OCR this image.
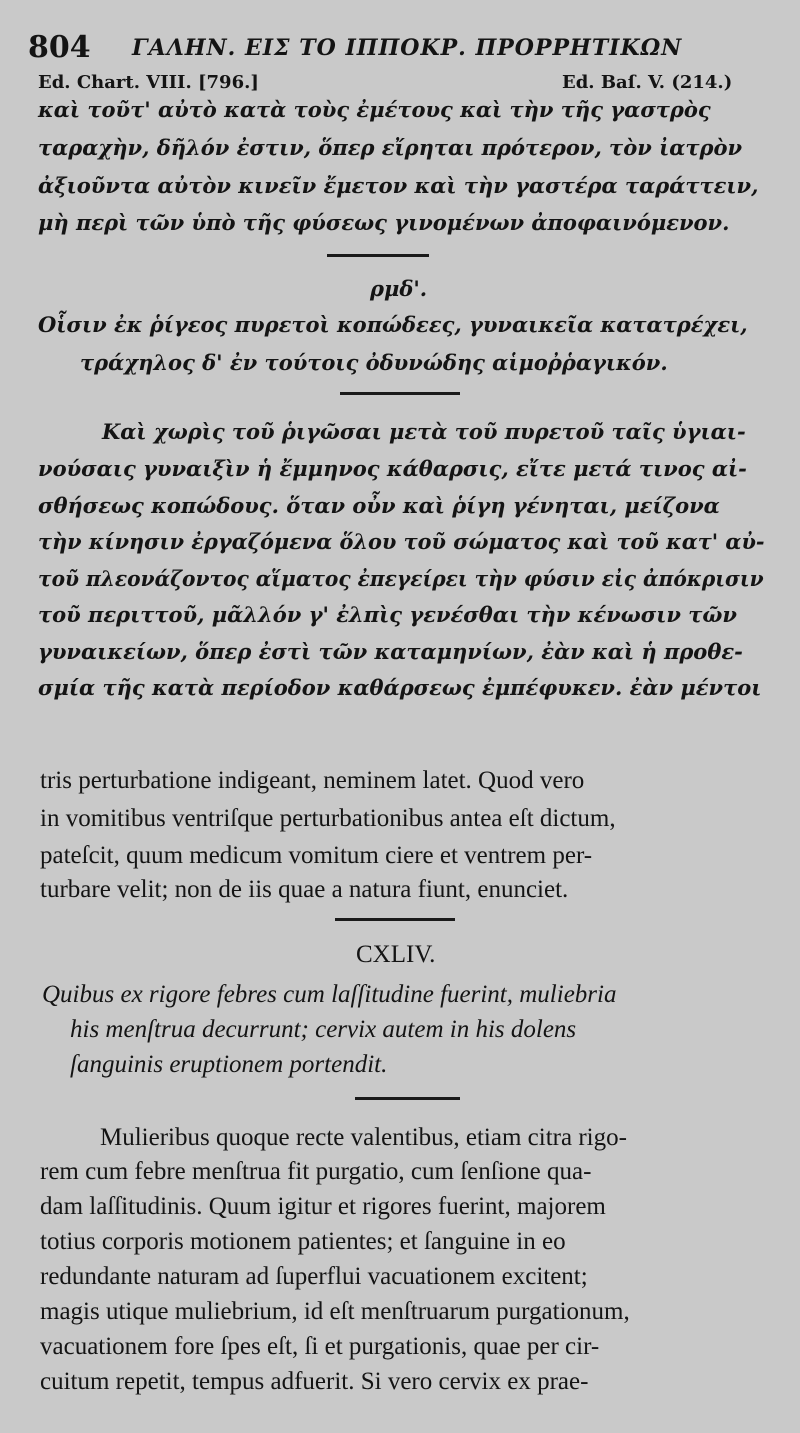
804 ΓΑΛΗΝ. ΕΙΣ ΤΟ ΙΠΠΟΚΡ. ΠΡΟΡΡΗΤΙΚΩΝ
Ed. Chart. VIII. [796.]	Ed. Baſ. V. (214.)
καὶ τοῦτ' αὐτὸ κατὰ τοὺς ἐμέτους καὶ τὴν τῆς γαστρὸς
ταραχὴν, δῆλόν ἐστιν, ὅπερ εἴρηται πρότερον, τὸν ἰατρὸν
ἀξιοῦντα αὐτὸν κινεῖν ἔμετον καὶ τὴν γαστέρα ταράττειν,
μὴ περὶ τῶν ὑπὸ τῆς φύσεως γινομένων ἀποφαινόμενον.
ρμδ'.
Οἷσιν ἐκ ῥίγεος πυρετοὶ κοπώδεες, γυναικεῖα κατατρέχει,
τράχηλος δ' ἐν τούτοις ὀδυνώδης αἱμοῤῥαγικόν.
Καὶ χωρὶς τοῦ ῥιγῶσαι μετὰ τοῦ πυρετοῦ ταῖς ὑγιαι-
νούσαις γυναιξὶν ἡ ἔμμηνος κάθαρσις, εἴτε μετά τινος αἰ-
σθήσεως κοπώδους. ὅταν οὖν καὶ ῥίγη γένηται, μείζονα
τὴν κίνησιν ἐργαζόμενα ὅλου τοῦ σώματος καὶ τοῦ κατ' αὐ-
τοῦ πλεονάζοντος αἵματος ἐπεγείρει τὴν φύσιν εἰς ἀπόκρισιν
τοῦ περιττοῦ, μᾶλλόν γ' ἐλπὶς γενέσθαι τὴν κένωσιν τῶν
γυναικείων, ὅπερ ἐστὶ τῶν καταμηνίων, ἐὰν καὶ ἡ προθε-
σμία τῆς κατὰ περίοδον καθάρσεως ἐμπέφυκεν. ἐὰν μέντοι
tris perturbatione indigeant, neminem latet. Quod vero
in vomitibus ventriſque perturbationibus antea eſt dictum,
pateſcit, quum medicum vomitum ciere et ventrem per-
turbare velit; non de iis quae a natura fiunt, enunciet.
CXLIV.
Quibus ex rigore febres cum laſſitudine fuerint, muliebria
his menſtrua decurrunt; cervix autem in his dolens
ſanguinis eruptionem portendit.
Mulieribus quoque recte valentibus, etiam citra rigo-
rem cum febre menſtrua fit purgatio, cum ſenſione qua-
dam laſſitudinis. Quum igitur et rigores fuerint, majorem
totius corporis motionem patientes; et ſanguine in eo
redundante naturam ad ſuperflui vacuationem excitent;
magis utique muliebrium, id eſt menſtruarum purgationum,
vacuationem fore ſpes eſt, ſi et purgationis, quae per cir-
cuitum repetit, tempus adfuerit. Si vero cervix ex prae-
